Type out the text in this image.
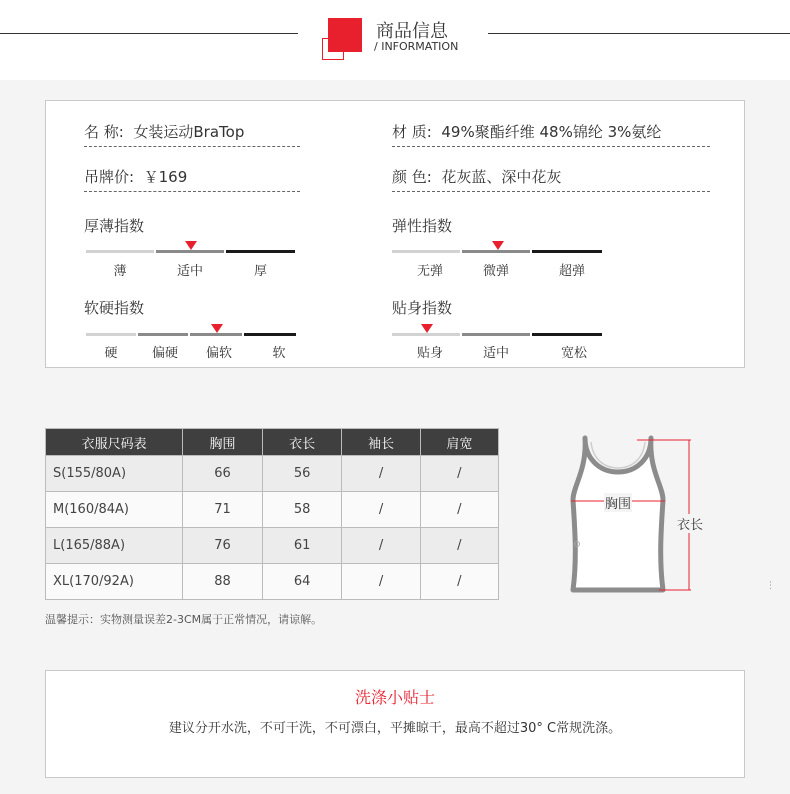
商品信息
/ INFORMATION
名 称: 女装运动BraTop	材 质: 49%聚酯纤维 48%锦纶 3%氨纶
吊牌价: ￥169	颜 色: 花灰蓝、深中花灰
厚薄指数
薄	适中	厚
弹性指数
无弹	微弹	超弹
软硬指数
硬	偏硬	偏软	软
贴身指数
贴身	适中	宽松
衣服尺码表	胸围	衣长	袖长	肩宽
S(155/80A)	66	56	/	/
M(160/84A)	71	58	/	/
L(165/88A)	76	61	/	/
XL(170/92A)	88	64	/	/
温馨提示：实物测量误差2-3CM属于正常情况，请谅解。
胸围
衣长
⋮
洗涤小贴士
建议分开水洗，不可干洗，不可漂白，平摊晾干，最高不超过30° C常规洗涤。
